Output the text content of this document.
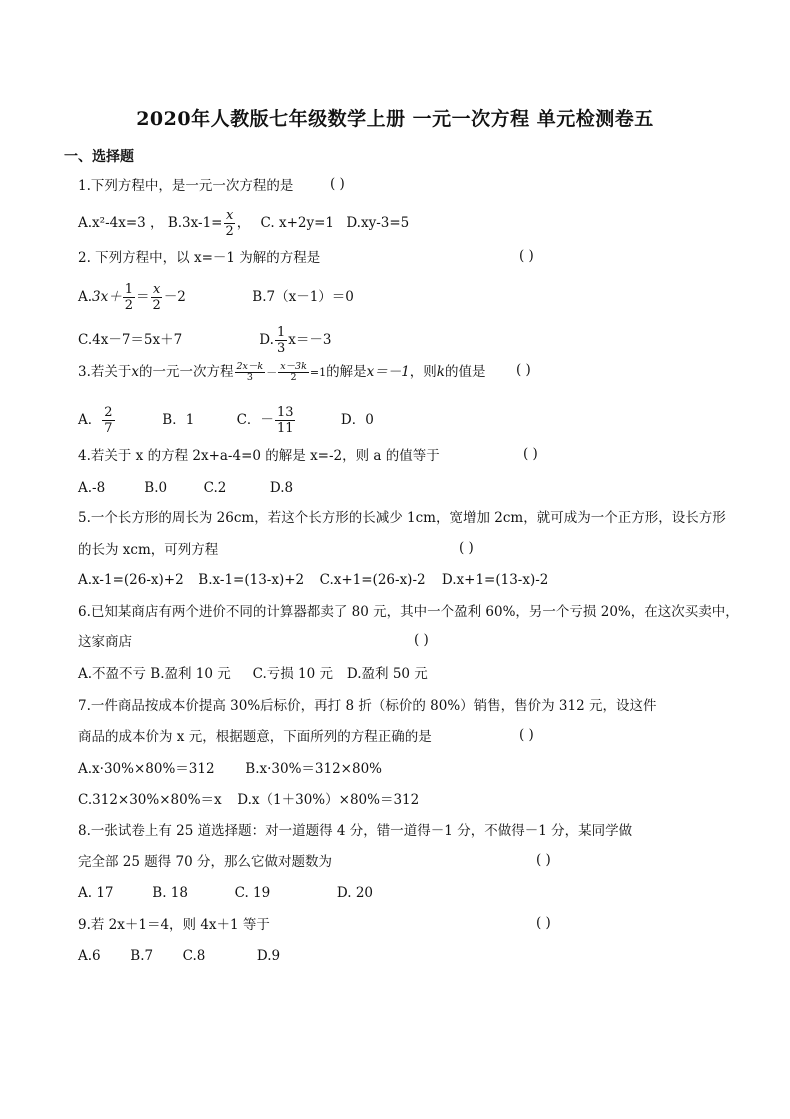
2020年人教版七年级数学上册 一元一次方程 单元检测卷五
一、选择题
1.下列方程中，是一元一次方程的是	( )
A.x²-4x=3 ， $B.3x-1= \frac{x}{2}$ ， C. x+2y=1 D.xy-3=5
2. 下列方程中，以 x=－1 为解的方程是	( )
$A.3x+ \frac{1}{2} = \frac{x}{2} -2$	B.7（x－1）＝0
C.4x－7＝5x＋7	D. $\frac{1}{3} x=-3$
3.若关于x的一元一次方程 $\frac{2x-k}{3} - \frac{x-3k}{2} =1$的解是x＝－1，则k的值是 ( )
A． $\frac{2}{7}$	B．1	C．－ $\frac{13}{11}$	D．0
4.若关于 x 的方程 2x+a-4=0 的解是 x=-2，则 a 的值等于	( )
A.-8	B.0	C.2	D.8
5.一个长方形的周长为 26cm，若这个长方形的长减少 1cm，宽增加 2cm，就可成为一个正方形，设长方形
的长为 xcm，可列方程	( )
A.x-1=(26-x)+2 B.x-1=(13-x)+2 C.x+1=(26-x)-2 D.x+1=(13-x)-2
6.已知某商店有两个进价不同的计算器都卖了 80 元，其中一个盈利 60%，另一个亏损 20%，在这次买卖中，
这家商店	( )
A.不盈不亏 B.盈利 10 元 C.亏损 10 元 D.盈利 50 元
7.一件商品按成本价提高 30%后标价，再打 8 折（标价的 80%）销售，售价为 312 元，设这件
商品的成本价为 x 元，根据题意，下面所列的方程正确的是	( )
A.x·30%×80%＝312 B.x·30%＝312×80%
C.312×30%×80%＝x D.x（1＋30%）×80%＝312
8.一张试卷上有 25 道选择题：对一道题得 4 分，错一道得－1 分，不做得－1 分，某同学做
完全部 25 题得 70 分，那么它做对题数为	( )
A. 17	B. 18	C. 19	D. 20
9.若 2x＋1＝4，则 4x＋1 等于	( )
A.6 B.7 C.8	D.9
